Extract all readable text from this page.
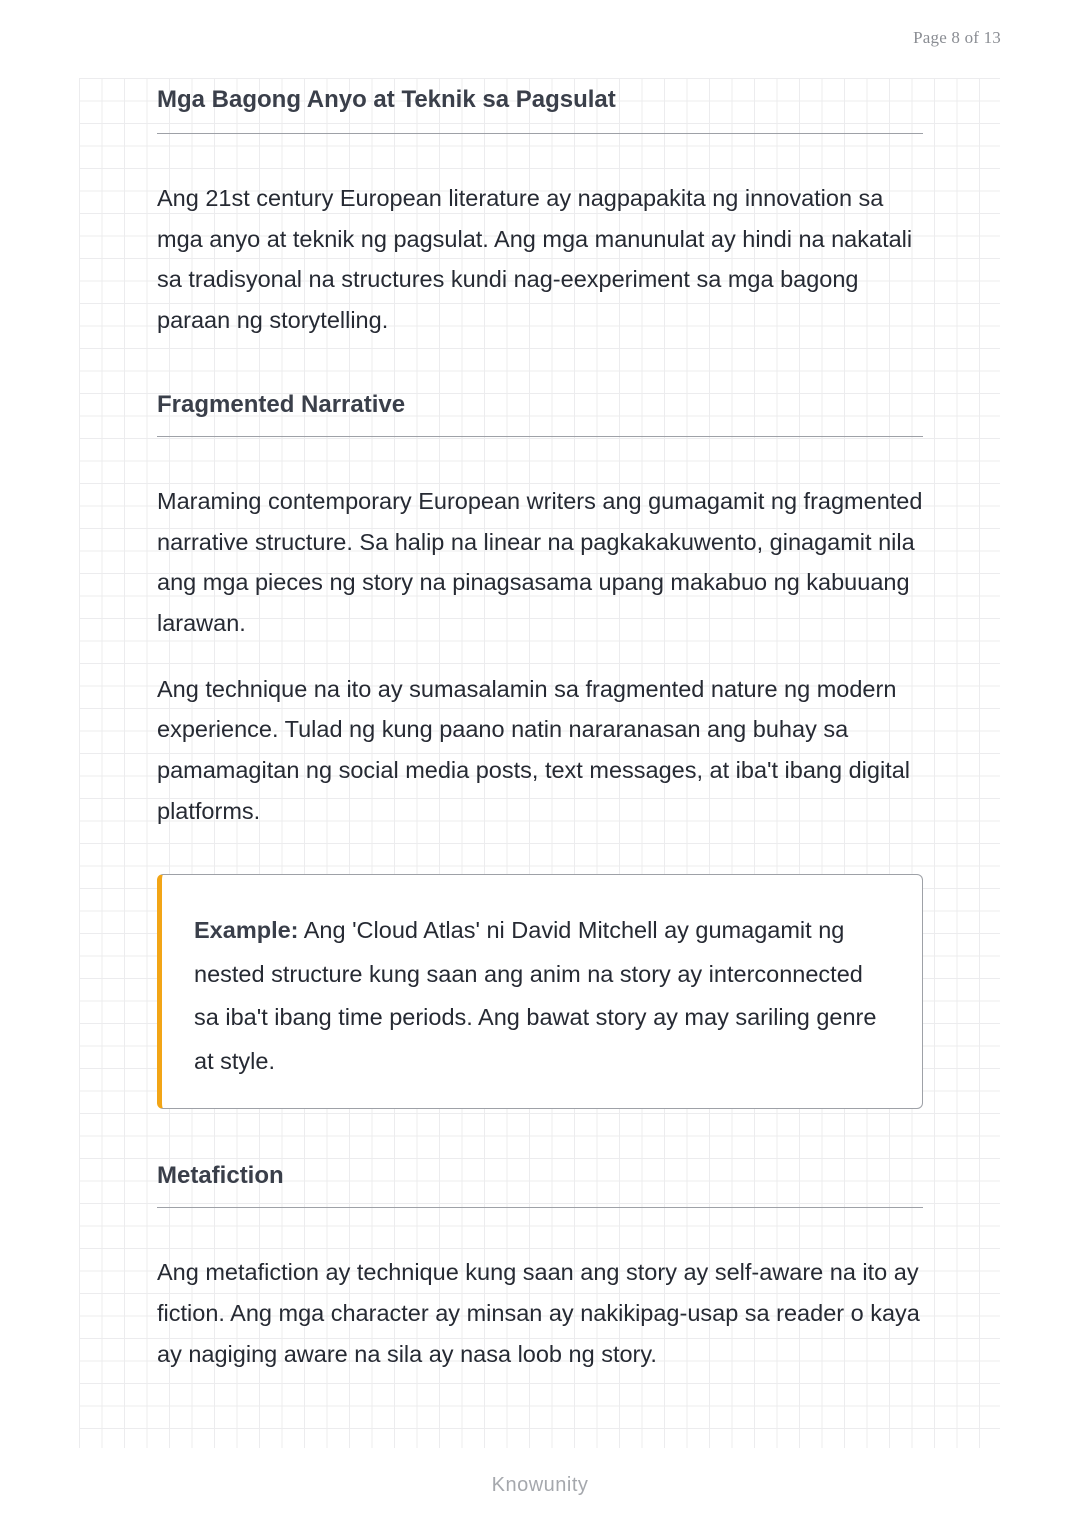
Page 8 of 13
Mga Bagong Anyo at Teknik sa Pagsulat

Ang 21st century European literature ay nagpapakita ng innovation sa mga anyo at teknik ng pagsulat. Ang mga manunulat ay hindi na nakatali sa tradisyonal na structures kundi nag-eexperiment sa mga bagong paraan ng storytelling.

Fragmented Narrative

Maraming contemporary European writers ang gumagamit ng fragmented narrative structure. Sa halip na linear na pagkakakuwento, ginagamit nila ang mga pieces ng story na pinagsasama upang makabuo ng kabuuang larawan.

Ang technique na ito ay sumasalamin sa fragmented nature ng modern experience. Tulad ng kung paano natin nararanasan ang buhay sa pamamagitan ng social media posts, text messages, at iba't ibang digital platforms.

Example: Ang 'Cloud Atlas' ni David Mitchell ay gumagamit ng nested structure kung saan ang anim na story ay interconnected sa iba't ibang time periods. Ang bawat story ay may sariling genre at style.

Metafiction

Ang metafiction ay technique kung saan ang story ay self-aware na ito ay fiction. Ang mga character ay minsan ay nakikipag-usap sa reader o kaya ay nagiging aware na sila ay nasa loob ng story.

Knowunity
